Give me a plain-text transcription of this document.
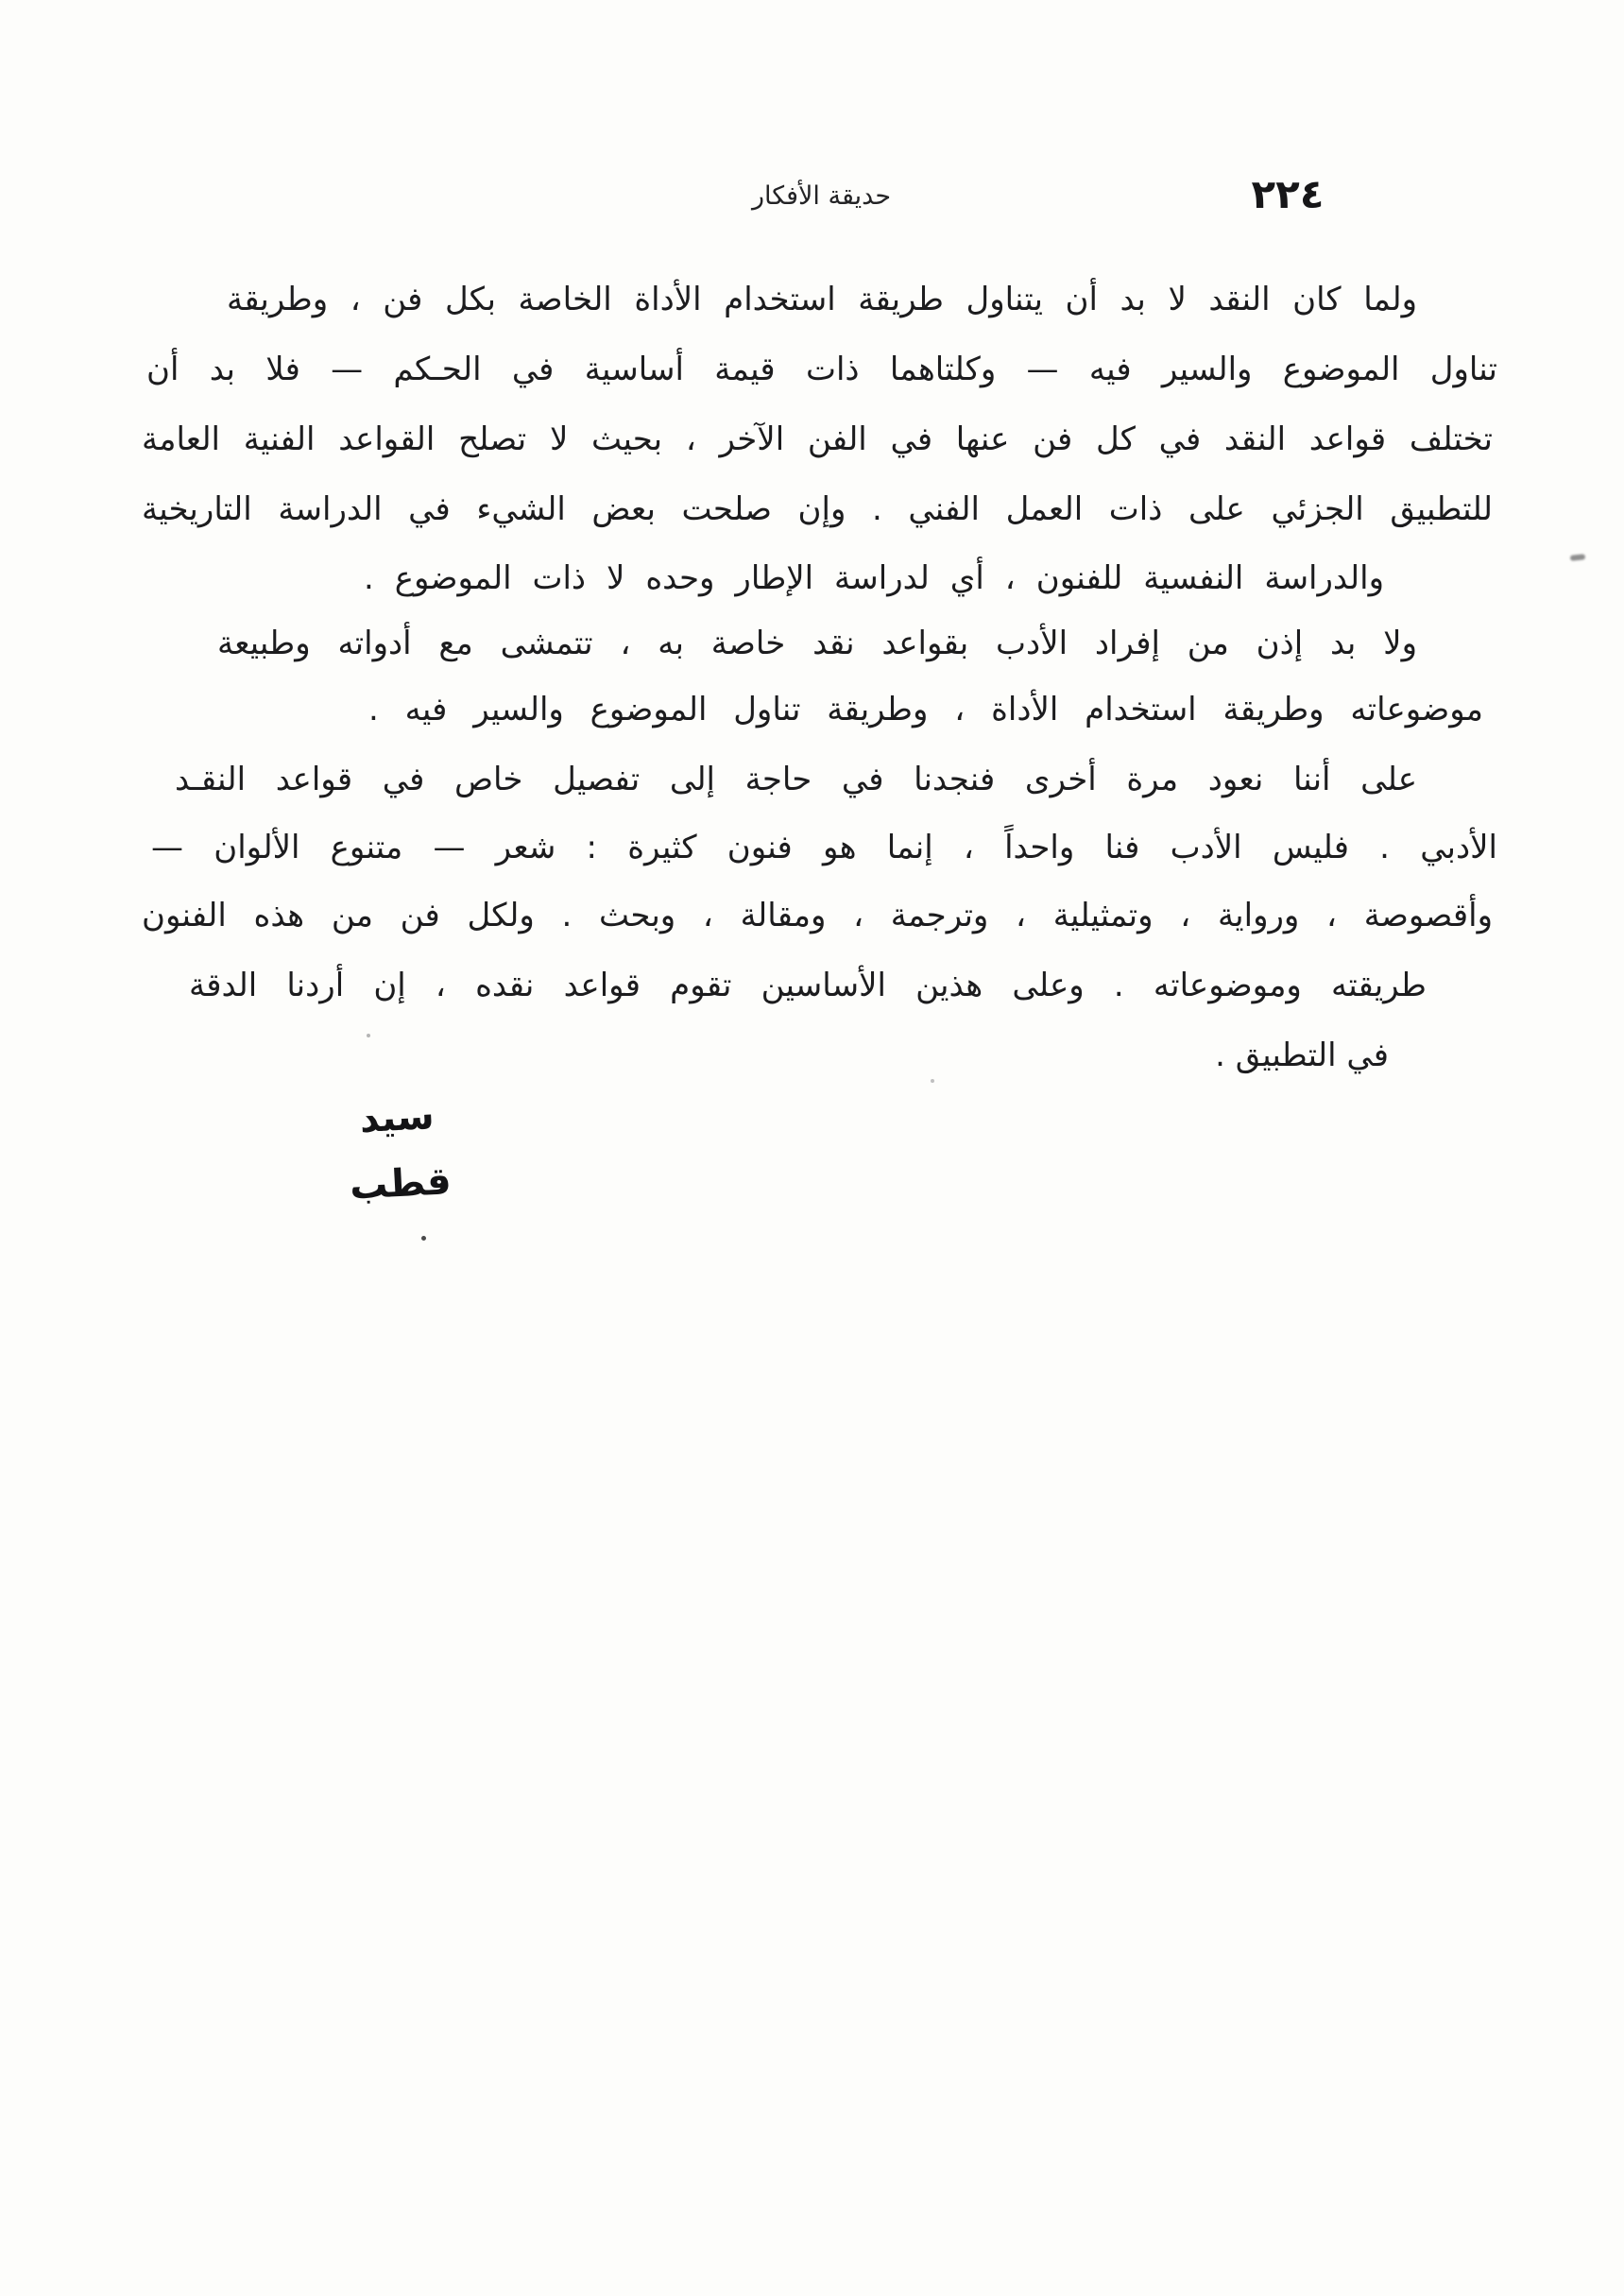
حديقة الأفكار	٢٢٤
ولما كان النقد لا بد أن يتناول طريقة استخدام الأداة الخاصة بكل فن ، وطريقة
تناول الموضوع والسير فيه — وكلتاهما ذات قيمة أساسية في الحـكم — فلا بد أن
تختلف قواعد النقد في كل فن عنها في الفن الآخر ، بحيث لا تصلح القواعد الفنية العامة
للتطبيق الجزئي على ذات العمل الفني . وإن صلحت بعض الشيء في الدراسة التاريخية
والدراسة النفسية للفنون ، أي لدراسة الإطار وحده لا ذات الموضوع .
ولا بد إذن من إفراد الأدب بقواعد نقد خاصة به ، تتمشى مع أدواته وطبيعة
موضوعاته وطريقة استخدام الأداة ، وطريقة تناول الموضوع والسير فيه .
على أننا نعود مرة أخرى فنجدنا في حاجة إلى تفصيل خاص في قواعد النقـد
الأدبي . فليس الأدب فنا واحداً ، إنما هو فنون كثيرة : شعر — متنوع الألوان —
وأقصوصة ، ورواية ، وتمثيلية ، وترجمة ، ومقالة ، وبحث . ولكل فن من هذه الفنون
طريقته وموضوعاته . وعلى هذين الأساسين تقوم قواعد نقده ، إن أردنا الدقة
في التطبيق .
سيد قطب
